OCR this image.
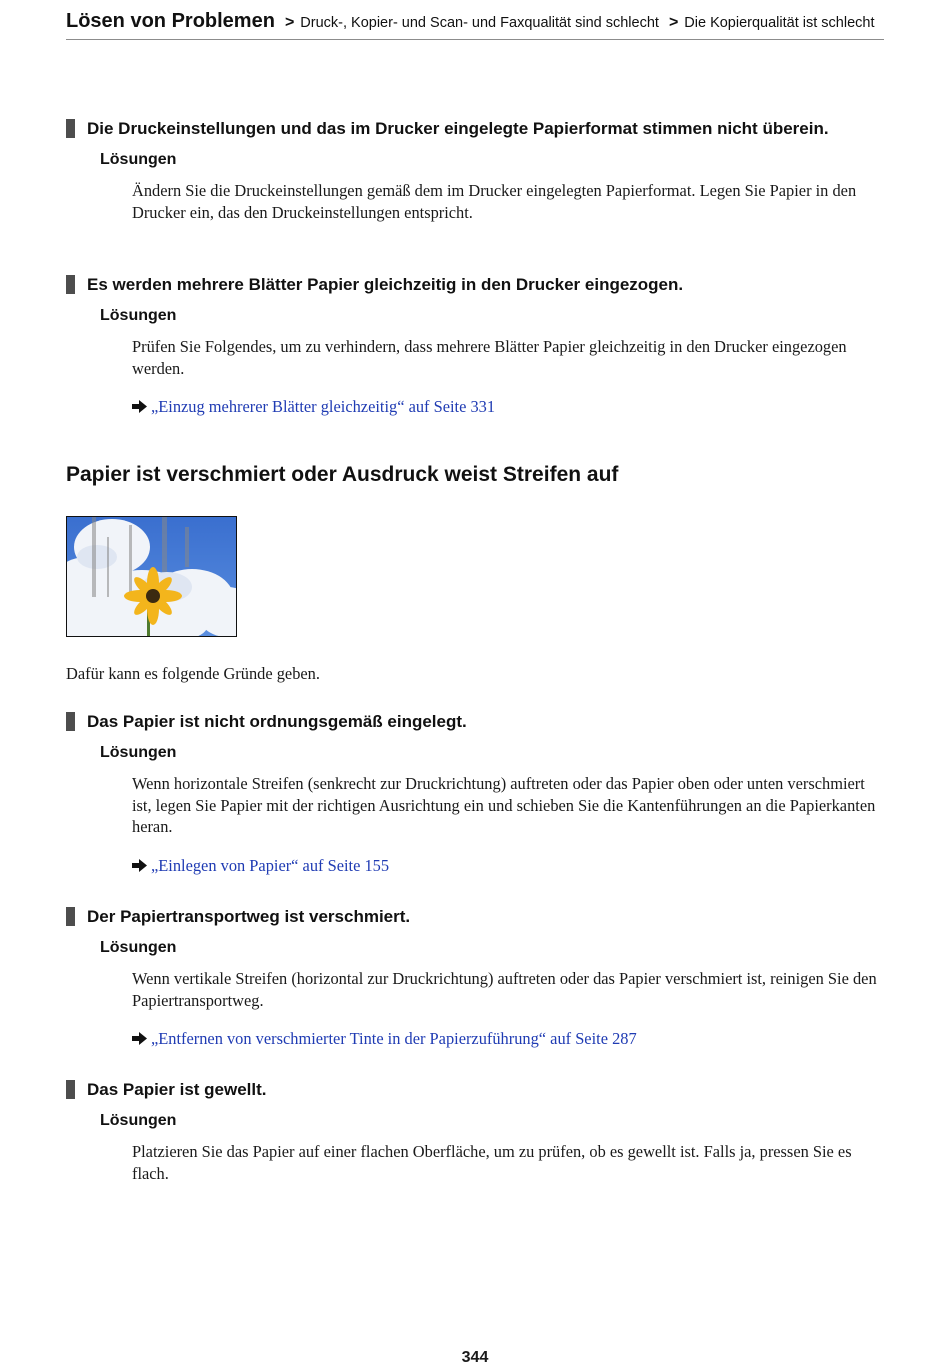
Lösen von Problemen > Druck-, Kopier- und Scan- und Faxqualität sind schlecht > Die Kopierqualität ist schlecht
Die Druckeinstellungen und das im Drucker eingelegte Papierformat stimmen nicht überein.
Lösungen
Ändern Sie die Druckeinstellungen gemäß dem im Drucker eingelegten Papierformat. Legen Sie Papier in den Drucker ein, das den Druckeinstellungen entspricht.
Es werden mehrere Blätter Papier gleichzeitig in den Drucker eingezogen.
Lösungen
Prüfen Sie Folgendes, um zu verhindern, dass mehrere Blätter Papier gleichzeitig in den Drucker eingezogen werden.
„Einzug mehrerer Blätter gleichzeitig“ auf Seite 331
Papier ist verschmiert oder Ausdruck weist Streifen auf
Dafür kann es folgende Gründe geben.
Das Papier ist nicht ordnungsgemäß eingelegt.
Lösungen
Wenn horizontale Streifen (senkrecht zur Druckrichtung) auftreten oder das Papier oben oder unten verschmiert ist, legen Sie Papier mit der richtigen Ausrichtung ein und schieben Sie die Kantenführungen an die Papierkanten heran.
„Einlegen von Papier“ auf Seite 155
Der Papiertransportweg ist verschmiert.
Lösungen
Wenn vertikale Streifen (horizontal zur Druckrichtung) auftreten oder das Papier verschmiert ist, reinigen Sie den Papiertransportweg.
„Entfernen von verschmierter Tinte in der Papierzuführung“ auf Seite 287
Das Papier ist gewellt.
Lösungen
Platzieren Sie das Papier auf einer flachen Oberfläche, um zu prüfen, ob es gewellt ist. Falls ja, pressen Sie es flach.
344
